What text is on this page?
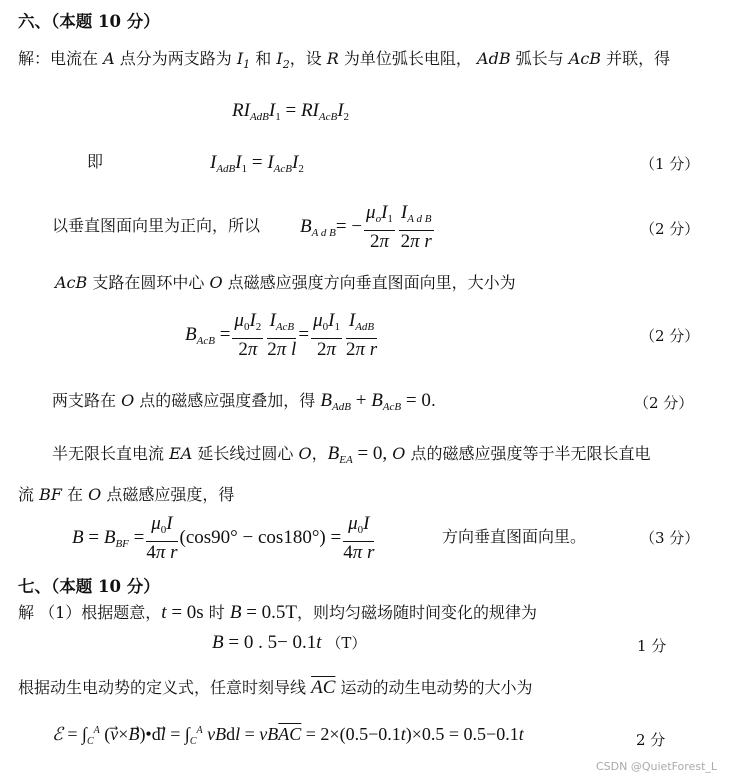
六、（本题 10 分）
解：电流在 A 点分为两支路为 $I_1$ 和 $I_2$，设 R 为单位弧长电阻， AdB 弧长与 AcB 并联，得
$RI_{AdB}I_1 = RI_{AcB}I_2$
即	$I_{AdB}I_1 = I_{AcB}I_2$	（1 分）
以垂直图面向里为正向，所以 $B_{A d B}= - \frac{\mu_oI_1}{2\pi} \frac{I_{A d B}}{\text{2π r}}$	（2 分）
AcB 支路在圆环中心 O 点磁感应强度方向垂直图面向里，大小为
$B_{AcB} = \frac{\mu_0I_2}{2\pi} \frac{I_{AcB}}{\text{2π l}} = \frac{\mu_0I_1}{2\pi} \frac{I_{AdB}}{\text{2π r}}$	（2 分）
两支路在 O 点的磁感应强度叠加，得 $B_{AdB} + B_{AcB} = 0$.	（2 分）
半无限长直电流 EA 延长线过圆心 O，$B_{EA} = 0$, O 点的磁感应强度等于半无限长直电
流 BF 在 O 点磁感应强度，得
$B = B_{BF} = \frac{\mu_0I}{\text{4π r}} (\cos 90^\circ - \cos 180^\circ) = \frac{\mu_0I}{\text{4π r}}$	方向垂直图面向里。	（3 分）
七、（本题 10 分）
解 （1）根据题意，t = 0s 时 B = 0.5T，则均匀磁场随时间变化的规律为
B = 0 . 5− 0.1t （T）	1 分
根据动生电动势的定义式，任意时刻导线 $\overline{AC}$ 运动的动生电动势的大小为
ℰ = $\int_C^A$ (v⃗×B⃗)•dl⃗ = $\int_C^A$ vBdl = $vB\overline{AC} = 2\times(0.5-0.1t)\times 0.5 = 0.5-0.1t$	2 分
CSDN @QuietForest_L
